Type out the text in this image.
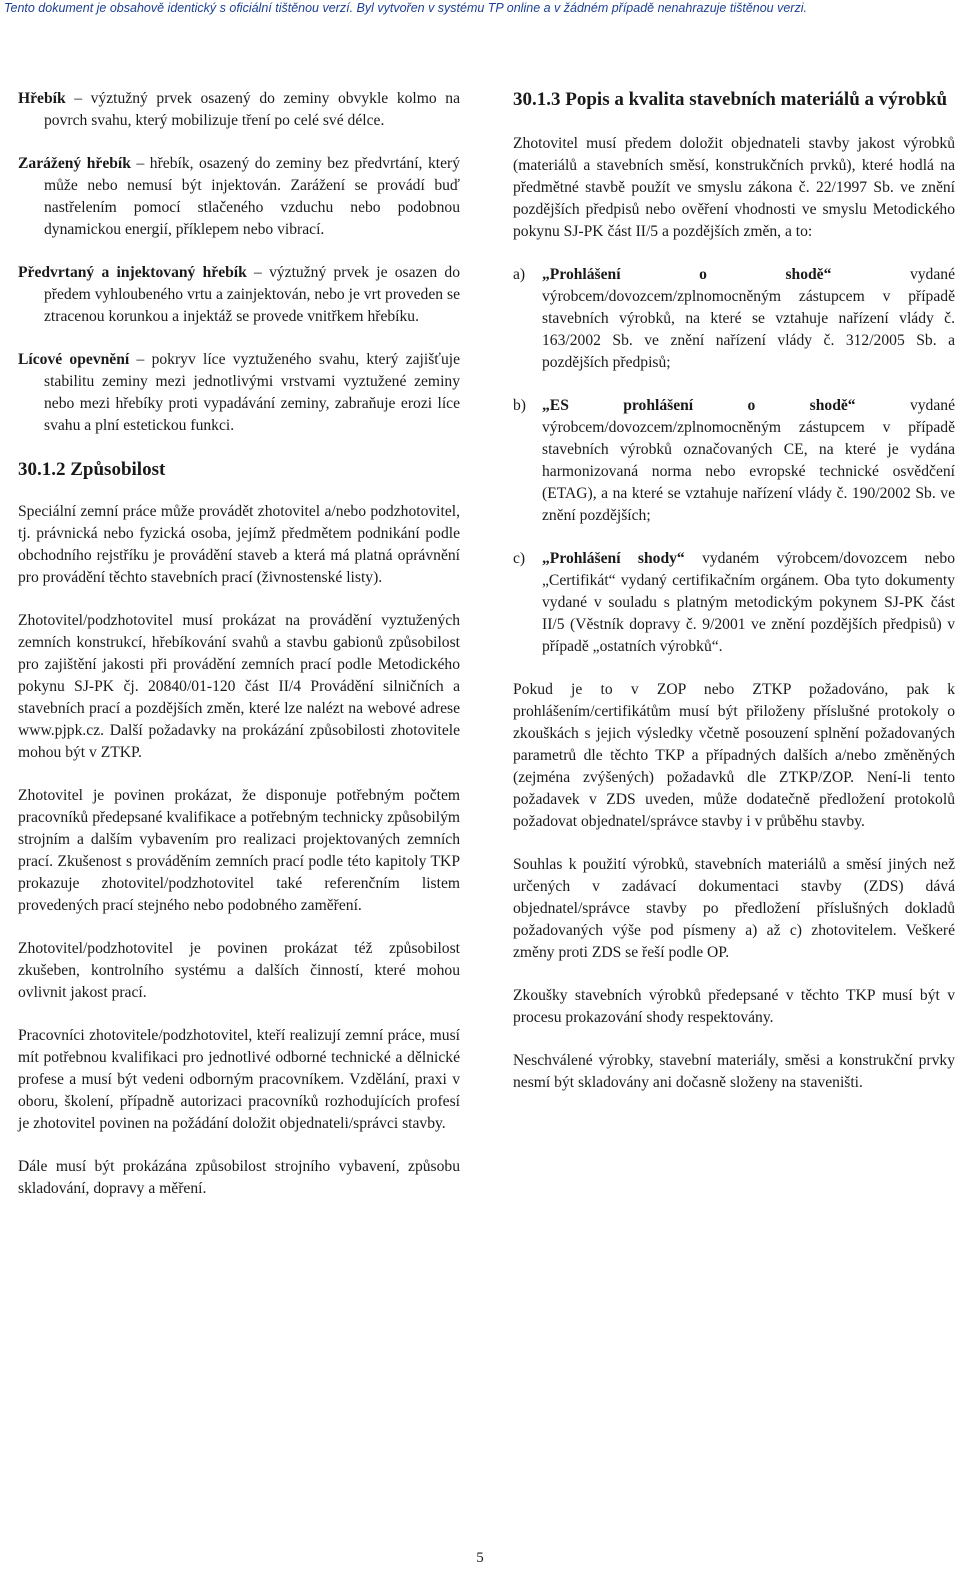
Tento dokument je obsahově identický s oficiální tištěnou verzí. Byl vytvořen v systému TP online a v žádném případě nenahrazuje tištěnou verzi.

Hřebík – výztužný prvek osazený do zeminy obvykle kolmo na povrch svahu, který mobilizuje tření po celé své délce.

Zarážený hřebík – hřebík, osazený do zeminy bez předvrtání, který může nebo nemusí být injektován. Zarážení se provádí buď nastřelením pomocí stlačeného vzduchu nebo podobnou dynamickou energií, příklepem nebo vibrací.

Předvrtaný a injektovaný hřebík – výztužný prvek je osazen do předem vyhloubeného vrtu a zainjektován, nebo je vrt proveden se ztracenou korunkou a injektáž se provede vnitřkem hřebíku.

Lícové opevnění – pokryv líce vyztuženého svahu, který zajišťuje stabilitu zeminy mezi jednotlivými vrstvami vyztužené zeminy nebo mezi hřebíky proti vypadávání zeminy, zabraňuje erozi líce svahu a plní estetickou funkci.

30.1.2 Způsobilost

Speciální zemní práce může provádět zhotovitel a/nebo podzhotovitel, tj. právnická nebo fyzická osoba, jejímž předmětem podnikání podle obchodního rejstříku je provádění staveb a která má platná oprávnění pro provádění těchto stavebních prací (živnostenské listy).

Zhotovitel/podzhotovitel musí prokázat na provádění vyztužených zemních konstrukcí, hřebíkování svahů a stavbu gabionů způsobilost pro zajištění jakosti při provádění zemních prací podle Metodického pokynu SJ-PK čj. 20840/01-120 část II/4 Provádění silničních a stavebních prací a pozdějších změn, které lze nalézt na webové adrese www.pjpk.cz. Další požadavky na prokázání způsobilosti zhotovitele mohou být v ZTKP.

Zhotovitel je povinen prokázat, že disponuje potřebným počtem pracovníků předepsané kvalifikace a potřebným technicky způsobilým strojním a dalším vybavením pro realizaci projektovaných zemních prací. Zkušenost s prováděním zemních prací podle této kapitoly TKP prokazuje zhotovitel/podzhotovitel také referenčním listem provedených prací stejného nebo podobného zaměření.

Zhotovitel/podzhotovitel je povinen prokázat též způsobilost zkušeben, kontrolního systému a dalších činností, které mohou ovlivnit jakost prací.

Pracovníci zhotovitele/podzhotovitel, kteří realizují zemní práce, musí mít potřebnou kvalifikaci pro jednotlivé odborné technické a dělnické profese a musí být vedeni odborným pracovníkem. Vzdělání, praxi v oboru, školení, případně autorizaci pracovníků rozhodujících profesí je zhotovitel povinen na požádání doložit objednateli/správci stavby.

Dále musí být prokázána způsobilost strojního vybavení, způsobu skladování, dopravy a měření.

30.1.3 Popis a kvalita stavebních materiálů a výrobků

Zhotovitel musí předem doložit objednateli stavby jakost výrobků (materiálů a stavebních směsí, konstrukčních prvků), které hodlá na předmětné stavbě použít ve smyslu zákona č. 22/1997 Sb. ve znění pozdějších předpisů nebo ověření vhodnosti ve smyslu Metodického pokynu SJ-PK část II/5 a pozdějších změn, a to:

a) „Prohlášení o shodě“ vydané výrobcem/dovozcem/zplnomocněným zástupcem v případě stavebních výrobků, na které se vztahuje nařízení vlády č. 163/2002 Sb. ve znění nařízení vlády č. 312/2005 Sb. a pozdějších předpisů;
b) „ES prohlášení o shodě“ vydané výrobcem/dovozcem/zplnomocněným zástupcem v případě stavebních výrobků označovaných CE, na které je vydána harmonizovaná norma nebo evropské technické osvědčení (ETAG), a na které se vztahuje nařízení vlády č. 190/2002 Sb. ve znění pozdějších;
c) „Prohlášení shody“ vydaném výrobcem/dovozcem nebo „Certifikát“ vydaný certifikačním orgánem. Oba tyto dokumenty vydané v souladu s platným metodickým pokynem SJ-PK část II/5 (Věstník dopravy č. 9/2001 ve znění pozdějších předpisů) v případě „ostatních výrobků“.

Pokud je to v ZOP nebo ZTKP požadováno, pak k prohlášením/certifikátům musí být přiloženy příslušné protokoly o zkouškách s jejich výsledky včetně posouzení splnění požadovaných parametrů dle těchto TKP a případných dalších a/nebo změněných (zejména zvýšených) požadavků dle ZTKP/ZOP. Není-li tento požadavek v ZDS uveden, může dodatečně předložení protokolů požadovat objednatel/správce stavby i v průběhu stavby.

Souhlas k použití výrobků, stavebních materiálů a směsí jiných než určených v zadávací dokumentaci stavby (ZDS) dává objednatel/správce stavby po předložení příslušných dokladů požadovaných výše pod písmeny a) až c) zhotovitelem. Veškeré změny proti ZDS se řeší podle OP.

Zkoušky stavebních výrobků předepsané v těchto TKP musí být v procesu prokazování shody respektovány.

Neschválené výrobky, stavební materiály, směsi a konstrukční prvky nesmí být skladovány ani dočasně složeny na staveništi.

5
